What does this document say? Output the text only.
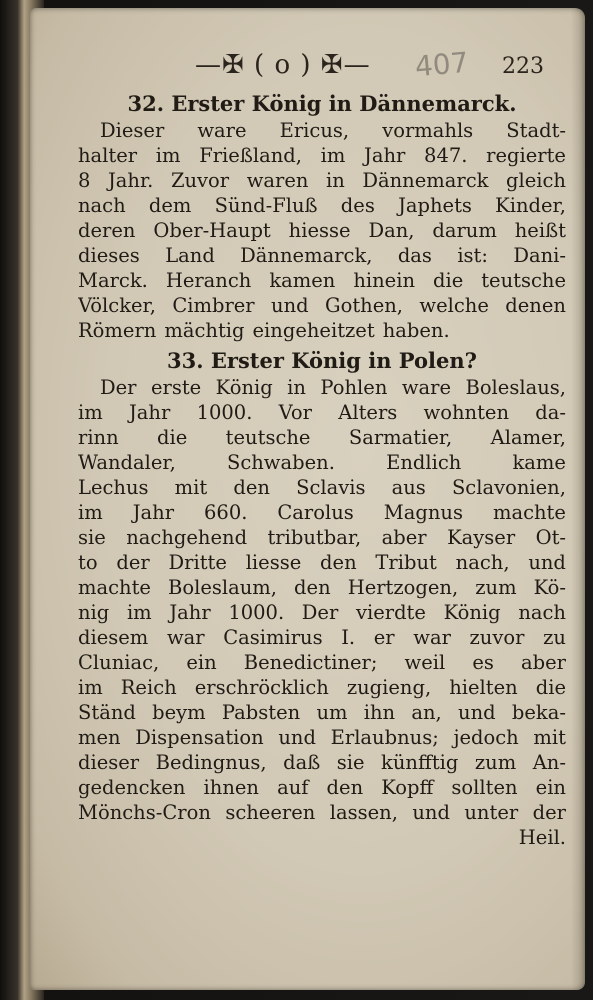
—✠ ( o ) ✠— 407 223
32. Erster König in Dännemarck.
Dieser ware Ericus, vormahls Stadt-
halter im Frießland, im Jahr 847. regierte
8 Jahr. Zuvor waren in Dännemarck gleich
nach dem Sünd-Fluß des Japhets Kinder,
deren Ober-Haupt hiesse Dan, darum heißt
dieses Land Dännemarck, das ist: Dani-
Marck. Heranch kamen hinein die teutsche
Völcker, Cimbrer und Gothen, welche denen
Römern mächtig eingeheitzet haben.
33. Erster König in Polen?
Der erste König in Pohlen ware Boleslaus,
im Jahr 1000. Vor Alters wohnten da-
rinn die teutsche Sarmatier, Alamer,
Wandaler,	Schwaben.	Endlich	kame
Lechus mit den Sclavis aus Sclavonien,
im Jahr 660. Carolus Magnus machte
sie nachgehend tributbar, aber Kayser Ot-
to der Dritte liesse den Tribut nach, und
machte Boleslaum, den Hertzogen, zum Kö-
nig im Jahr 1000. Der vierdte König nach
diesem war Casimirus I. er war zuvor zu
Cluniac, ein Benedictiner; weil es aber
im Reich erschröcklich zugieng, hielten die
Ständ beym Pabsten um ihn an, und beka-
men Dispensation und Erlaubnus; jedoch mit
dieser Bedingnus, daß sie künfftig zum An-
gedencken ihnen auf den Kopff sollten ein
Mönchs-Cron scheeren lassen, und unter der
Heil.
